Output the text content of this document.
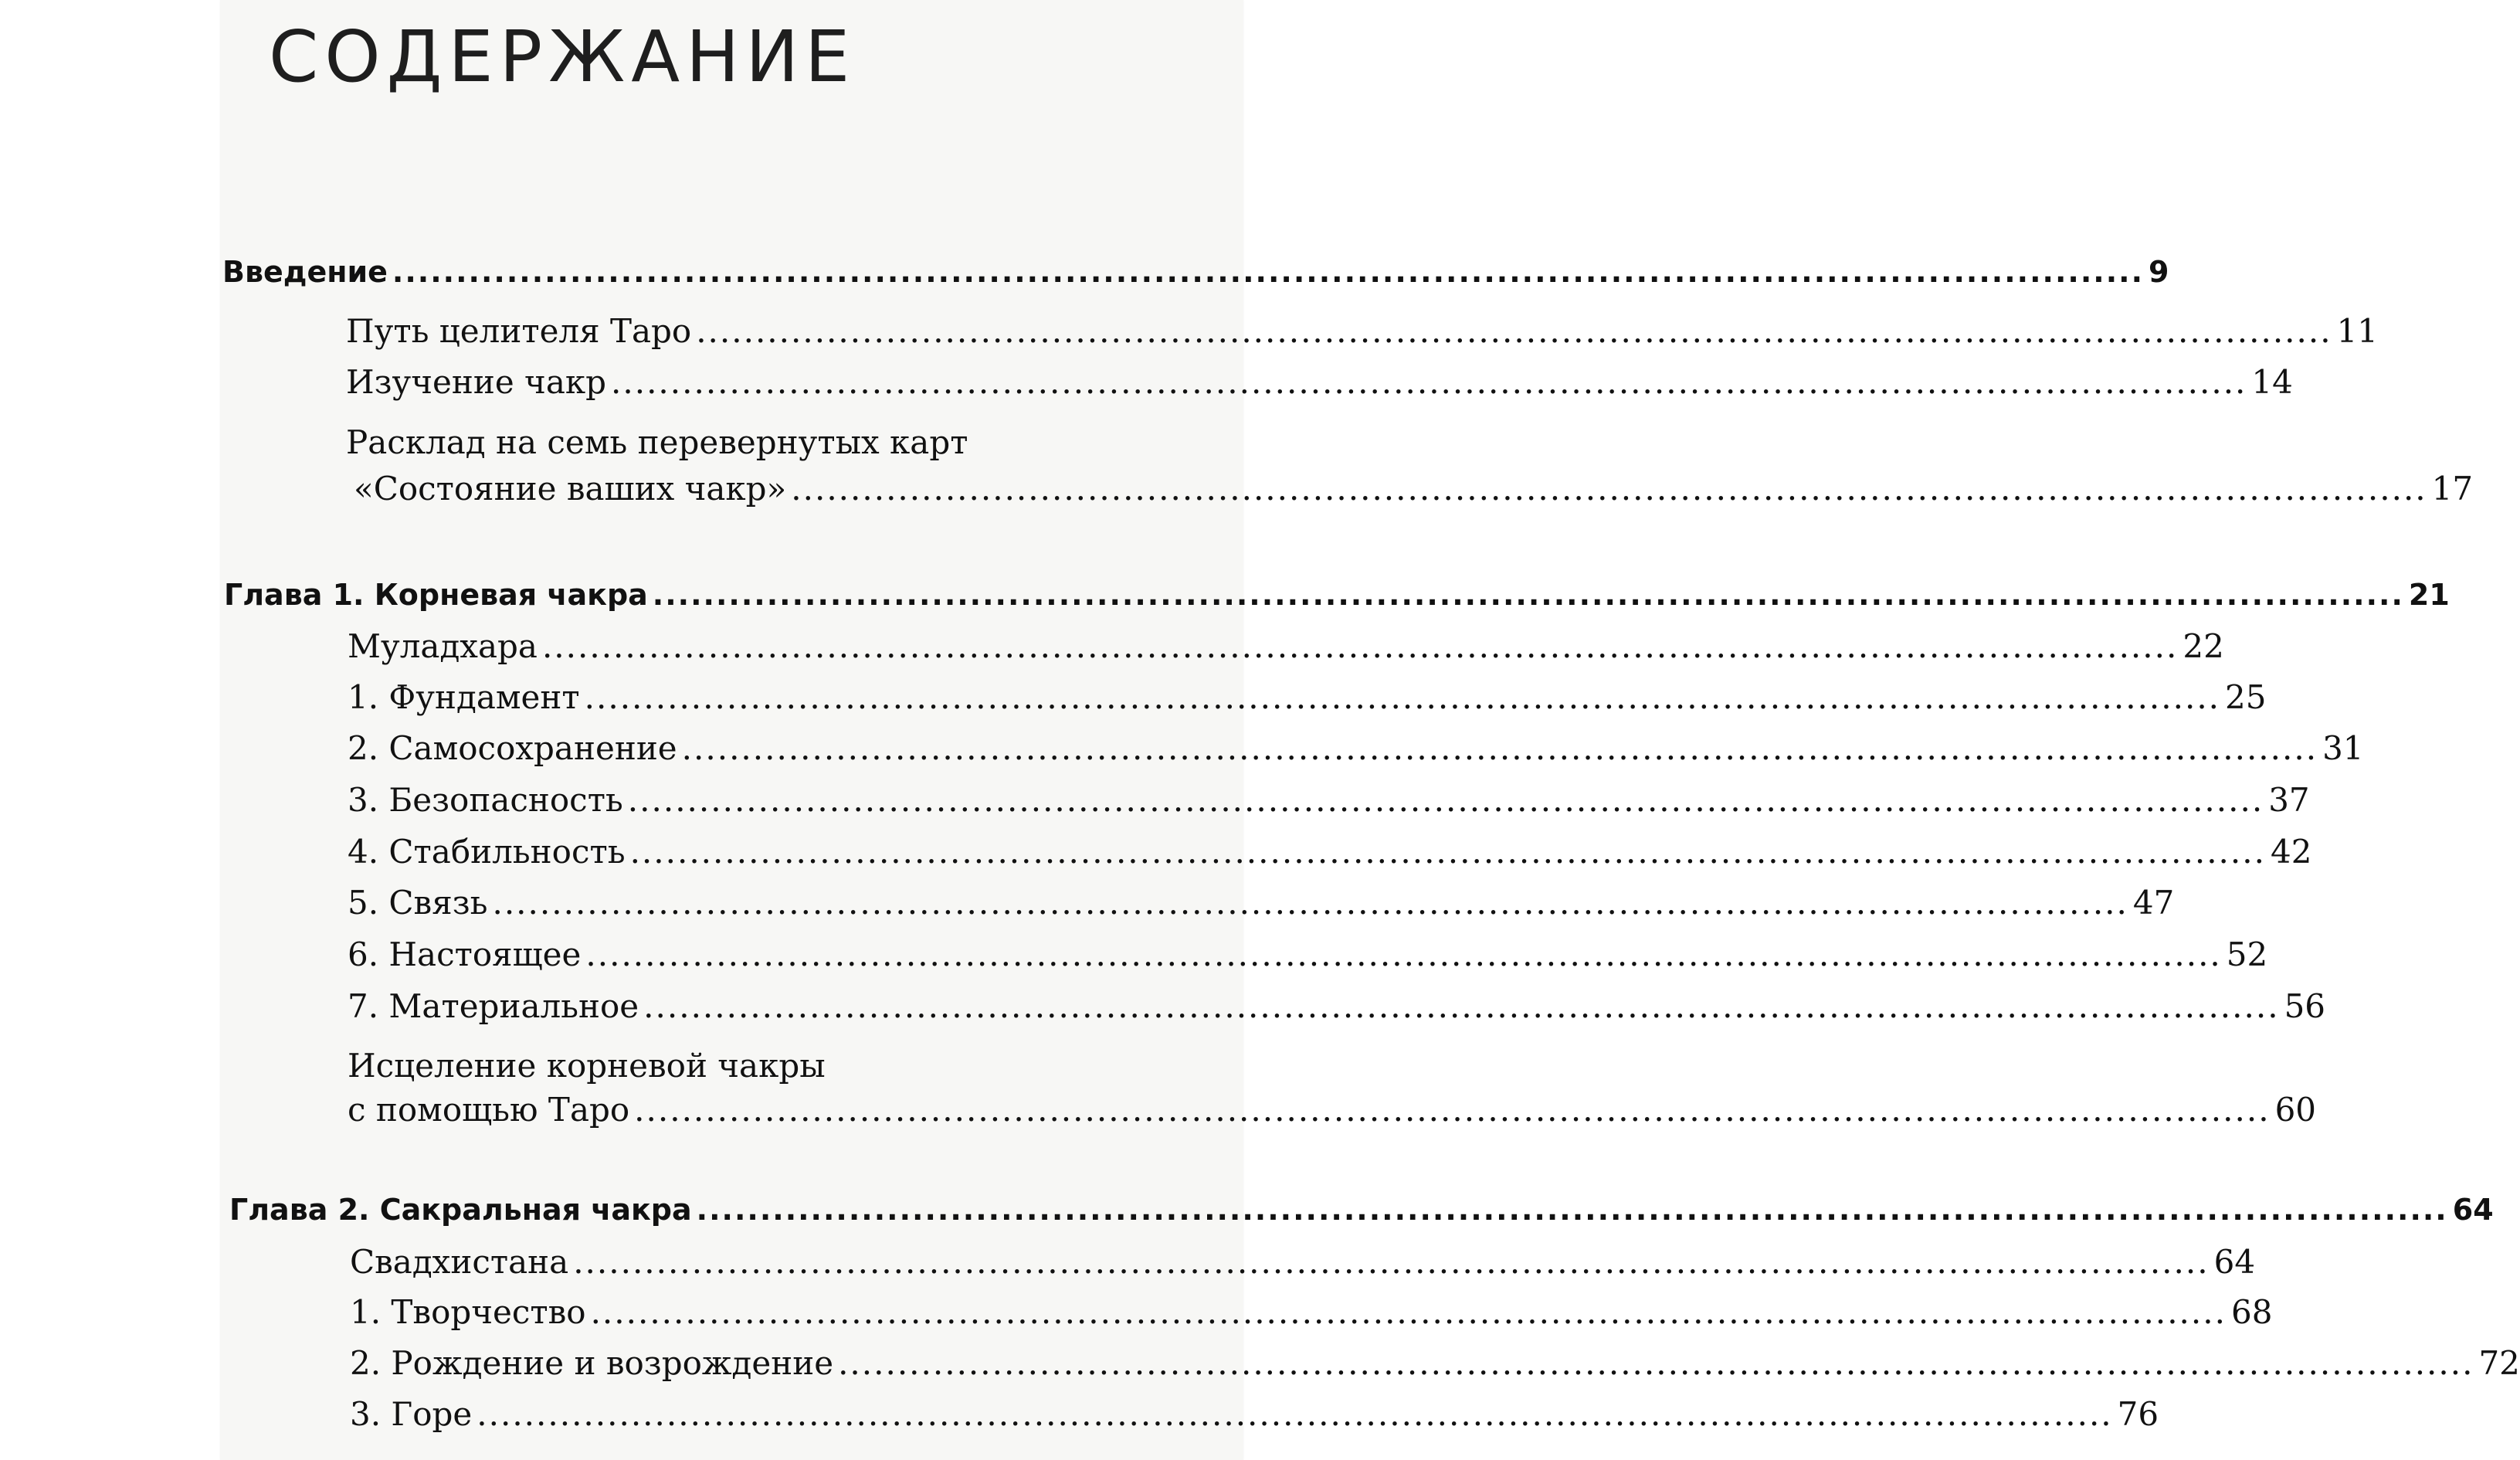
СОДЕРЖАНИЕ
Введение .......................................................................................................................................... 9
Путь целителя Таро .......................................................................................................................................... 11
Изучение чакр .......................................................................................................................................... 14
Расклад на семь перевернутых карт
«Состояние ваших чакр» .......................................................................................................................................... 17
Глава 1. Корневая чакра .......................................................................................................................................... 21
Муладхара .......................................................................................................................................... 22
1. Фундамент .......................................................................................................................................... 25
2. Самосохранение .......................................................................................................................................... 31
3. Безопасность .......................................................................................................................................... 37
4. Стабильность .......................................................................................................................................... 42
5. Связь .......................................................................................................................................... 47
6. Настоящее .......................................................................................................................................... 52
7. Материальное .......................................................................................................................................... 56
Исцеление корневой чакры
с помощью Таро .......................................................................................................................................... 60
Глава 2. Сакральная чакра .......................................................................................................................................... 64
Свадхистана .......................................................................................................................................... 64
1. Творчество .......................................................................................................................................... 68
2. Рождение и возрождение .......................................................................................................................................... 72
3. Горе .......................................................................................................................................... 76
